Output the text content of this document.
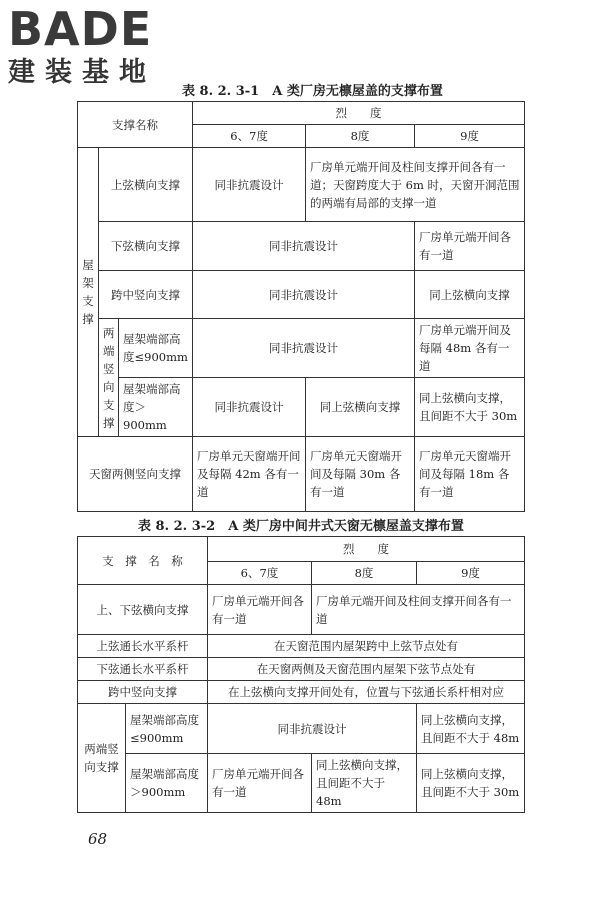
BADE
建装基地
表 8. 2. 3-1　A 类厂房无檩屋盖的支撑布置
支撑名称			烈　　度		
			6、7度	8度	9度
屋架支撑	上弦横向支撑		同非抗震设计	厂房单元端开间及柱间支撑开间各有一道；天窗跨度大于 6m 时，天窗开洞范围的两端有局部的支撑一道	
	下弦横向支撑		同非抗震设计		厂房单元端开间各有一道
	跨中竖向支撑		同非抗震设计		同上弦横向支撑
	两端竖向支撑	屋架端部高度≤900mm	同非抗震设计		厂房单元端开间及每隔 48m 各有一道
		屋架端部高度＞900mm	同非抗震设计	同上弦横向支撑	同上弦横向支撑，且间距不大于 30m
天窗两侧竖向支撑			厂房单元天窗端开间及每隔 42m 各有一道	厂房单元天窗端开间及每隔 30m 各有一道	厂房单元天窗端开间及每隔 18m 各有一道
表 8. 2. 3-2　A 类厂房中间井式天窗无檩屋盖支撑布置
支　撑　名　称		烈　　度		
		6、7度	8度	9度
上、下弦横向支撑		厂房单元端开间各有一道	厂房单元端开间及柱间支撑开间各有一道	
上弦通长水平系杆		在天窗范围内屋架跨中上弦节点处有		
下弦通长水平系杆		在天窗两侧及天窗范围内屋架下弦节点处有		
跨中竖向支撑		在上弦横向支撑开间处有，位置与下弦通长系杆相对应		
两端竖向支撑	屋架端部高度≤900mm	同非抗震设计		同上弦横向支撑，且间距不大于 48m
	屋架端部高度＞900mm	厂房单元端开间各有一道	同上弦横向支撑，且间距不大于 48m	同上弦横向支撑，且间距不大于 30m
68
